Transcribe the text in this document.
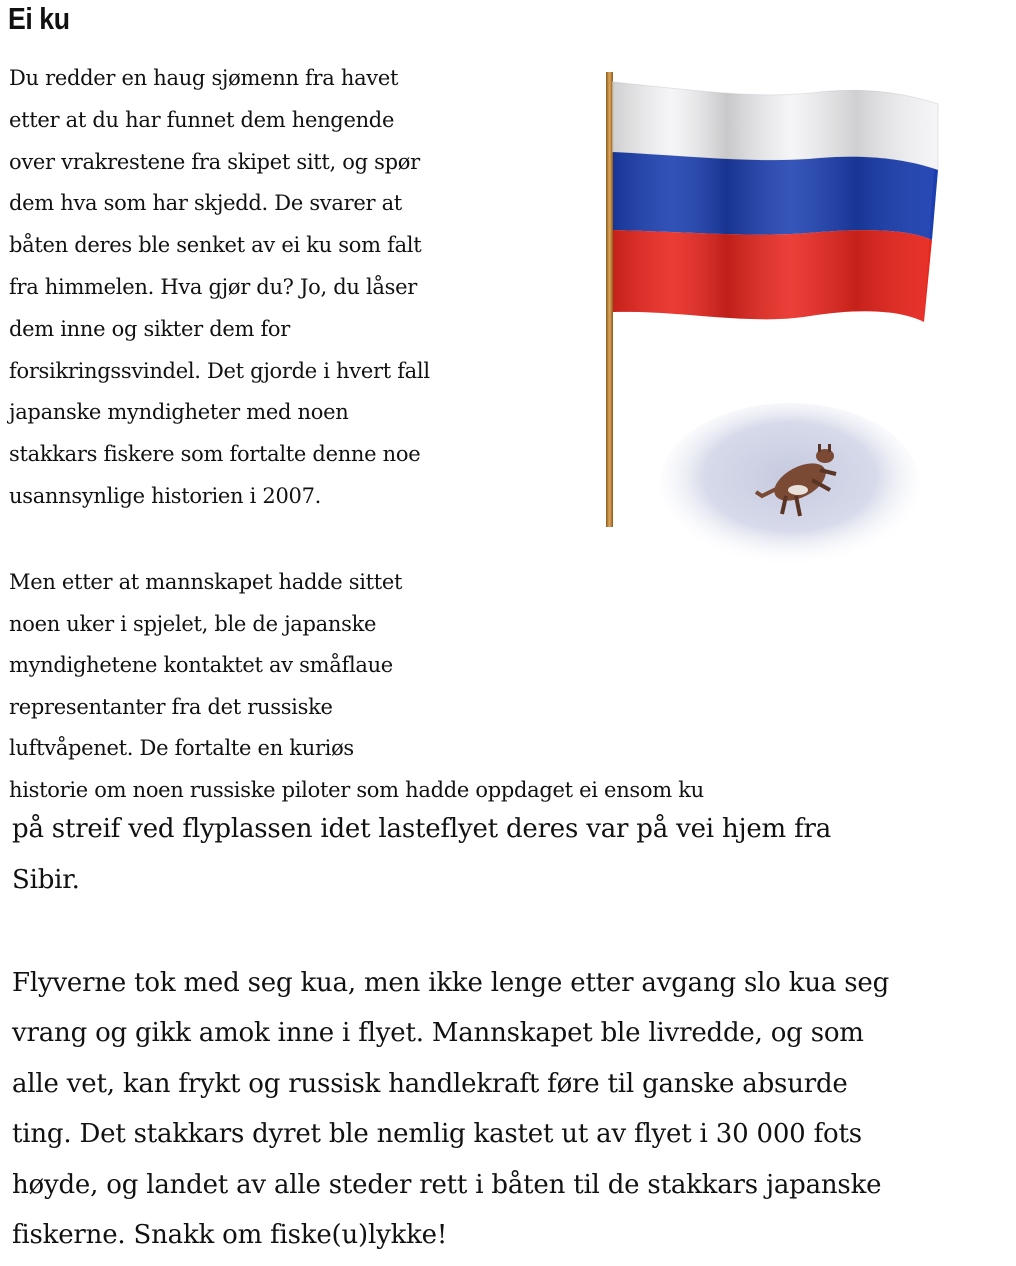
Ei ku

Du redder en haug sjømenn fra havet
etter at du har funnet dem hengende
over vrakrestene fra skipet sitt, og spør
dem hva som har skjedd. De svarer at
båten deres ble senket av ei ku som falt
fra himmelen. Hva gjør du? Jo, du låser
dem inne og sikter dem for
forsikringssvindel. Det gjorde i hvert fall
japanske myndigheter med noen
stakkars fiskere som fortalte denne noe
usannsynlige historien i 2007.

Men etter at mannskapet hadde sittet
noen uker i spjelet, ble de japanske
myndighetene kontaktet av småflaue
representanter fra det russiske
luftvåpenet. De fortalte en kuriøs
historie om noen russiske piloter som hadde oppdaget ei ensom ku

på streif ved flyplassen idet lasteflyet deres var på vei hjem fra
Sibir.

Flyverne tok med seg kua, men ikke lenge etter avgang slo kua seg
vrang og gikk amok inne i flyet. Mannskapet ble livredde, og som
alle vet, kan frykt og russisk handlekraft føre til ganske absurde
ting. Det stakkars dyret ble nemlig kastet ut av flyet i 30 000 fots
høyde, og landet av alle steder rett i båten til de stakkars japanske
fiskerne. Snakk om fiske(u)lykke!
